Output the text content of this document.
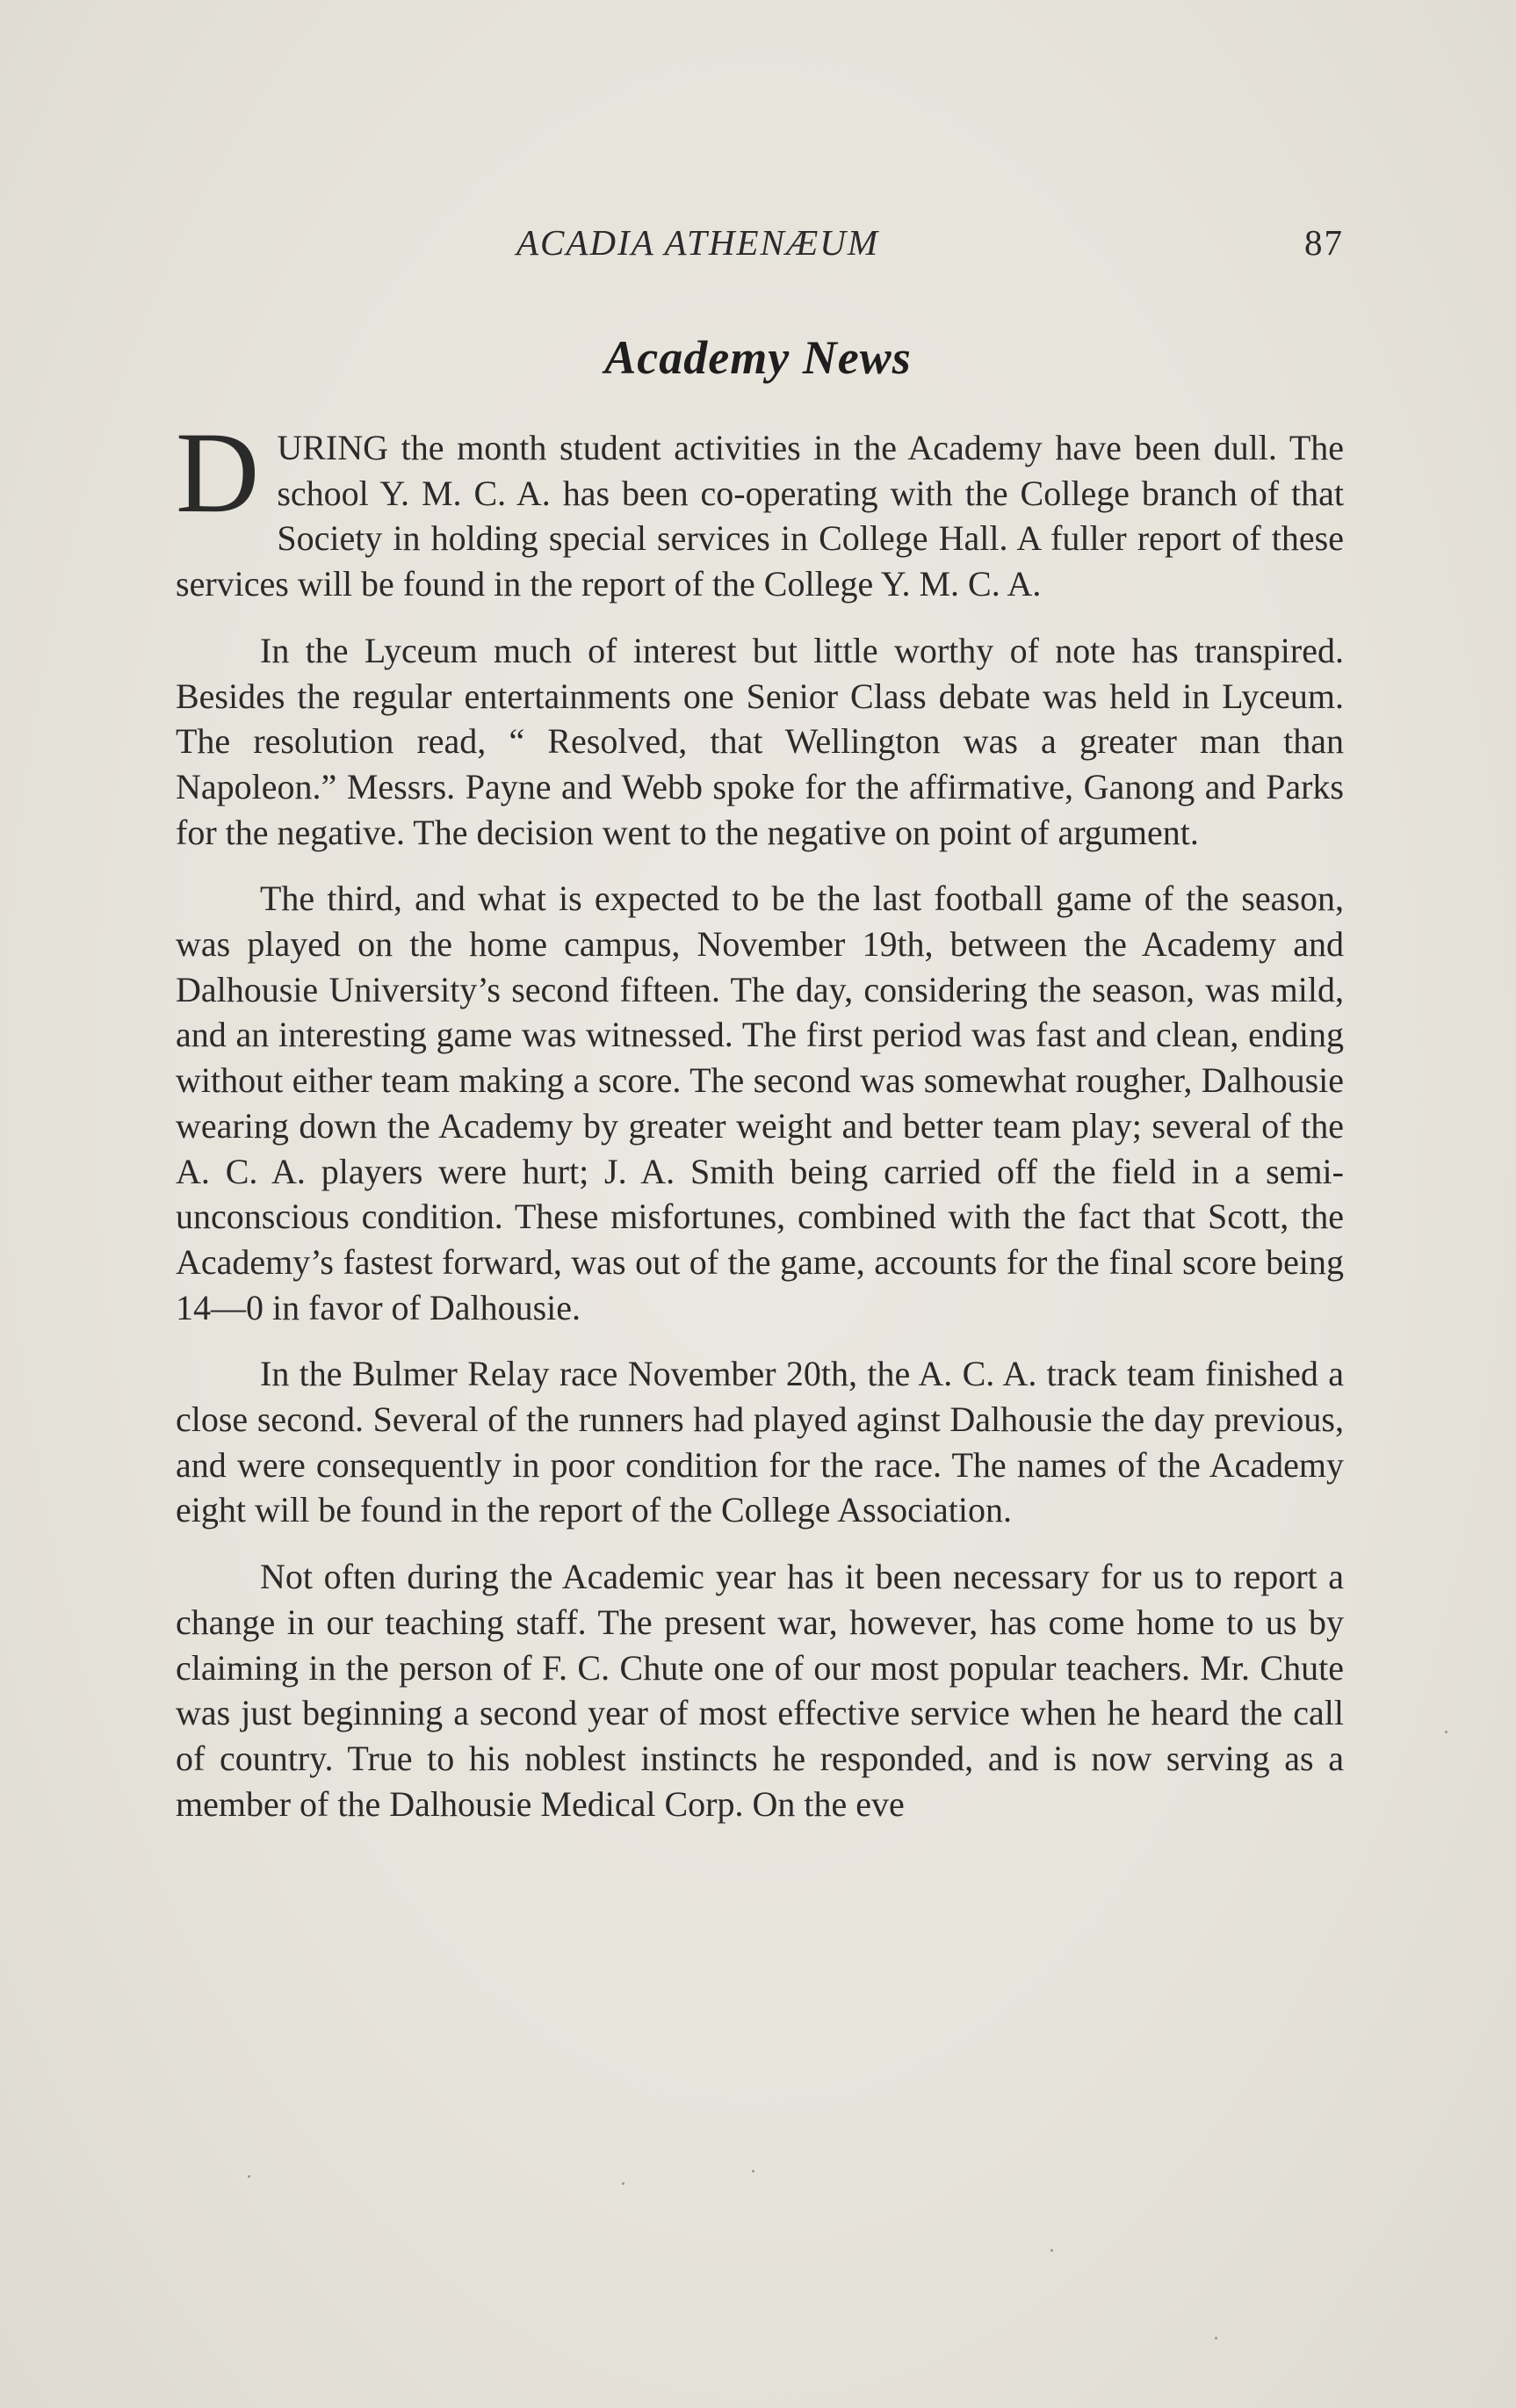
ACADIA ATHENÆUM	87
Academy News

DURING the month student activities in the Academy have been dull. The school Y. M. C. A. has been co-operating with the College branch of that Society in holding special services in College Hall. A fuller report of these services will be found in the report of the College Y. M. C. A.

In the Lyceum much of interest but little worthy of note has transpired. Besides the regular entertainments one Senior Class debate was held in Lyceum. The resolution read, “ Resolved, that Wellington was a greater man than Napoleon.” Messrs. Payne and Webb spoke for the affirmative, Ganong and Parks for the negative. The decision went to the negative on point of argument.

The third, and what is expected to be the last football game of the season, was played on the home campus, November 19th, between the Academy and Dalhousie University’s second fifteen. The day, considering the season, was mild, and an interesting game was witnessed. The first period was fast and clean, ending without either team making a score. The second was somewhat rougher, Dalhousie wearing down the Academy by greater weight and better team play; several of the A. C. A. players were hurt; J. A. Smith being carried off the field in a semi-unconscious condition. These misfortunes, combined with the fact that Scott, the Academy’s fastest forward, was out of the game, accounts for the final score being 14—0 in favor of Dalhousie.

In the Bulmer Relay race November 20th, the A. C. A. track team finished a close second. Several of the runners had played aginst Dalhousie the day previous, and were consequently in poor condition for the race. The names of the Academy eight will be found in the report of the College Association.

Not often during the Academic year has it been necessary for us to report a change in our teaching staff. The present war, however, has come home to us by claiming in the person of F. C. Chute one of our most popular teachers. Mr. Chute was just beginning a second year of most effective service when he heard the call of country. True to his noblest instincts he responded, and is now serving as a member of the Dalhousie Medical Corp. On the eve
